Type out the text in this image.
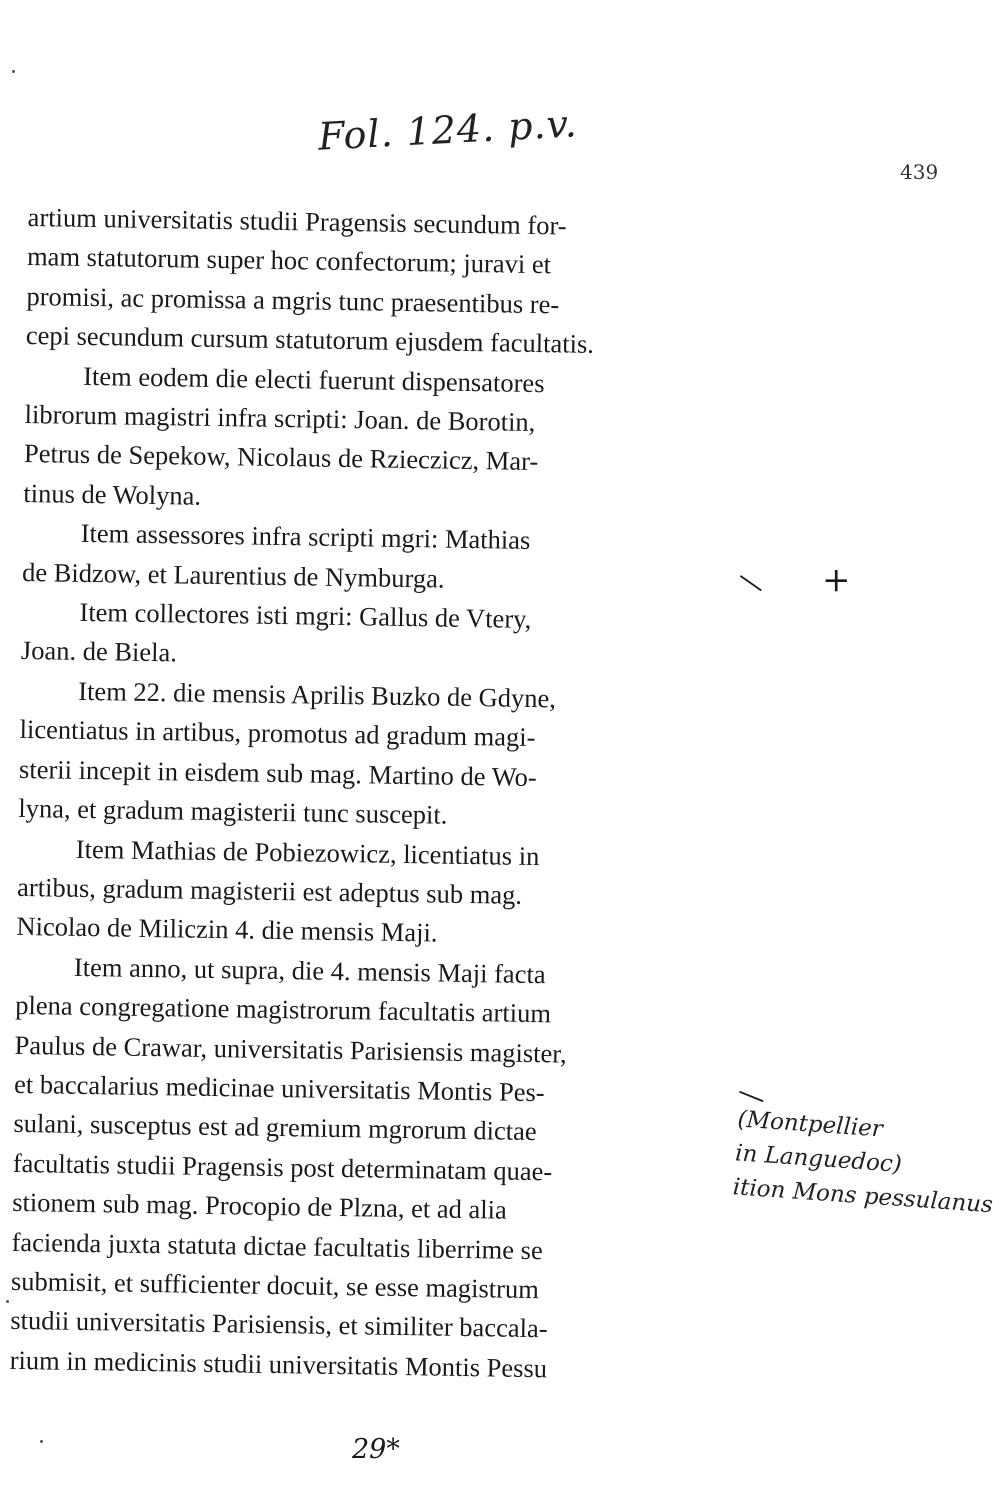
Fol. 124. p.v.
439
artium universitatis studii Pragensis secundum for-
mam statutorum super hoc confectorum; juravi et
promisi, ac promissa a mgris tunc praesentibus re-
cepi secundum cursum statutorum ejusdem facultatis.
Item eodem die electi fuerunt dispensatores
librorum magistri infra scripti: Joan. de Borotin,
Petrus de Sepekow, Nicolaus de Rzieczicz, Mar-
tinus de Wolyna.
Item assessores infra scripti mgri: Mathias
de Bidzow, et Laurentius de Nymburga.
Item collectores isti mgri: Gallus de Vtery,
Joan. de Biela.
Item 22. die mensis Aprilis Buzko de Gdyne,
licentiatus in artibus, promotus ad gradum magi-
sterii incepit in eisdem sub mag. Martino de Wo-
lyna, et gradum magisterii tunc suscepit.
Item Mathias de Pobiezowicz, licentiatus in
artibus, gradum magisterii est adeptus sub mag.
Nicolao de Miliczin 4. die mensis Maji.
Item anno, ut supra, die 4. mensis Maji facta
plena congregatione magistrorum facultatis artium
Paulus de Crawar, universitatis Parisiensis magister,
et baccalarius medicinae universitatis Montis Pes-
sulani, susceptus est ad gremium mgrorum dictae
facultatis studii Pragensis post determinatam quae-
stionem sub mag. Procopio de Plzna, et ad alia
facienda juxta statuta dictae facultatis liberrime se
submisit, et sufficienter docuit, se esse magistrum
studii universitatis Parisiensis, et similiter baccala-
rium in medicinis studii universitatis Montis Pessu
— +
—
(Montpellier
in Languedoc)
ition Mons pessulanus
29*
